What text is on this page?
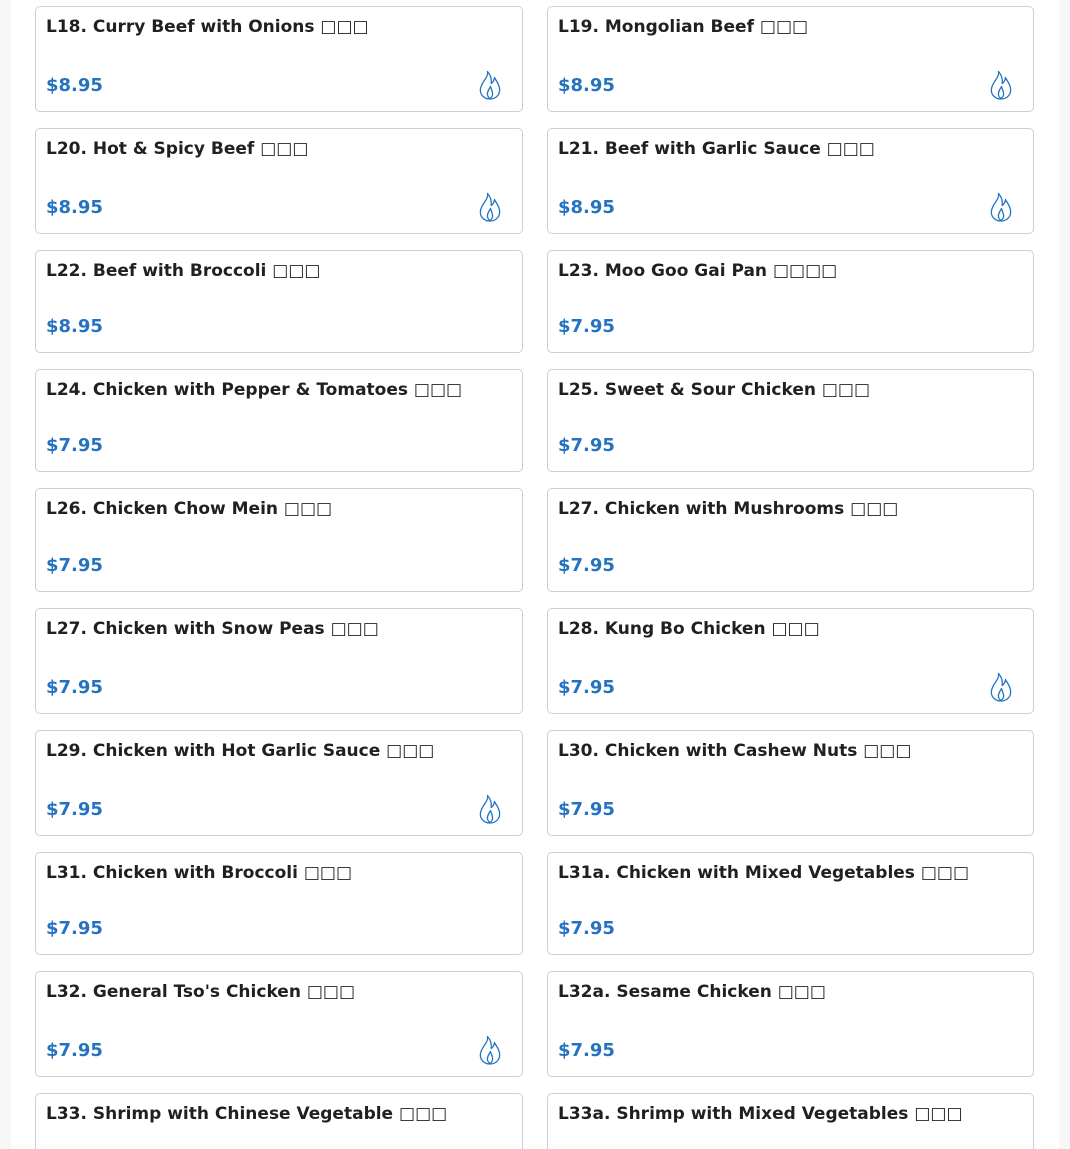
L18. Curry Beef with Onions □□□
$8.95
L19. Mongolian Beef □□□
$8.95
L20. Hot & Spicy Beef □□□
$8.95
L21. Beef with Garlic Sauce □□□
$8.95
L22. Beef with Broccoli □□□
$8.95
L23. Moo Goo Gai Pan □□□□
$7.95
L24. Chicken with Pepper & Tomatoes □□□
$7.95
L25. Sweet & Sour Chicken □□□
$7.95
L26. Chicken Chow Mein □□□
$7.95
L27. Chicken with Mushrooms □□□
$7.95
L27. Chicken with Snow Peas □□□
$7.95
L28. Kung Bo Chicken □□□
$7.95
L29. Chicken with Hot Garlic Sauce □□□
$7.95
L30. Chicken with Cashew Nuts □□□
$7.95
L31. Chicken with Broccoli □□□
$7.95
L31a. Chicken with Mixed Vegetables □□□
$7.95
L32. General Tso's Chicken □□□
$7.95
L32a. Sesame Chicken □□□
$7.95
L33. Shrimp with Chinese Vegetable □□□	L33a. Shrimp with Mixed Vegetables □□□
